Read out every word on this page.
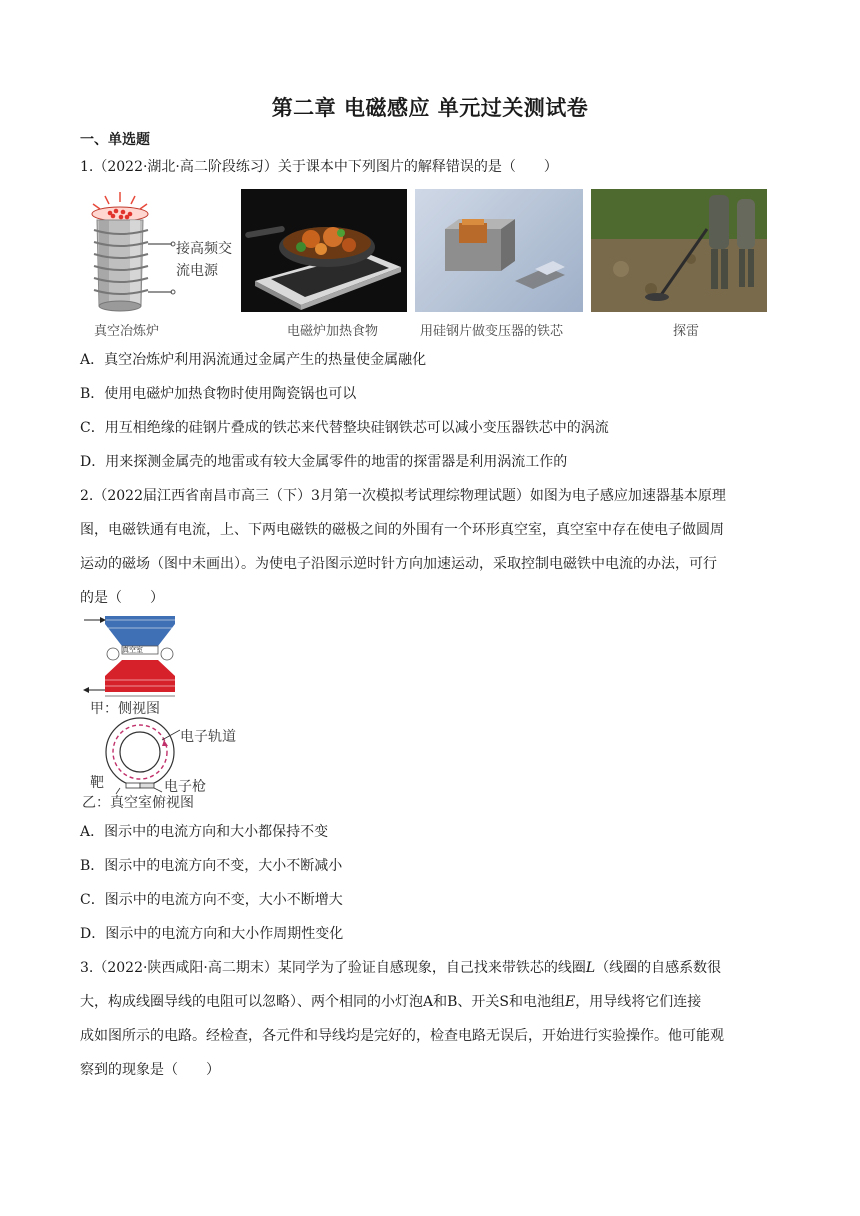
第二章 电磁感应 单元过关测试卷
一、单选题
1.（2022·湖北·高二阶段练习）关于课本中下列图片的解释错误的是（　　）
接高频交
流电源
真空冶炼炉	电磁炉加热食物	用硅钢片做变压器的铁芯	探雷
A．真空冶炼炉利用涡流通过金属产生的热量使金属融化
B．使用电磁炉加热食物时使用陶瓷锅也可以
C．用互相绝缘的硅钢片叠成的铁芯来代替整块硅钢铁芯可以减小变压器铁芯中的涡流
D．用来探测金属壳的地雷或有较大金属零件的地雷的探雷器是利用涡流工作的
2.（2022届江西省南昌市高三（下）3月第一次模拟考试理综物理试题）如图为电子感应加速器基本原理
图，电磁铁通有电流，上、下两电磁铁的磁极之间的外围有一个环形真空室，真空室中存在使电子做圆周
运动的磁场（图中未画出）。为使电子沿图示逆时针方向加速运动，采取控制电磁铁中电流的办法，可行
的是（　　）
真空室
甲：侧视图
电子轨道
靶	电子枪
乙：真空室俯视图
A．图示中的电流方向和大小都保持不变
B．图示中的电流方向不变，大小不断减小
C．图示中的电流方向不变，大小不断增大
D．图示中的电流方向和大小作周期性变化
3.（2022·陕西咸阳·高二期末）某同学为了验证自感现象，自己找来带铁芯的线圈L（线圈的自感系数很
大，构成线圈导线的电阻可以忽略）、两个相同的小灯泡A和B、开关S和电池组E，用导线将它们连接
成如图所示的电路。经检查，各元件和导线均是完好的，检查电路无误后，开始进行实验操作。他可能观
察到的现象是（　　）
